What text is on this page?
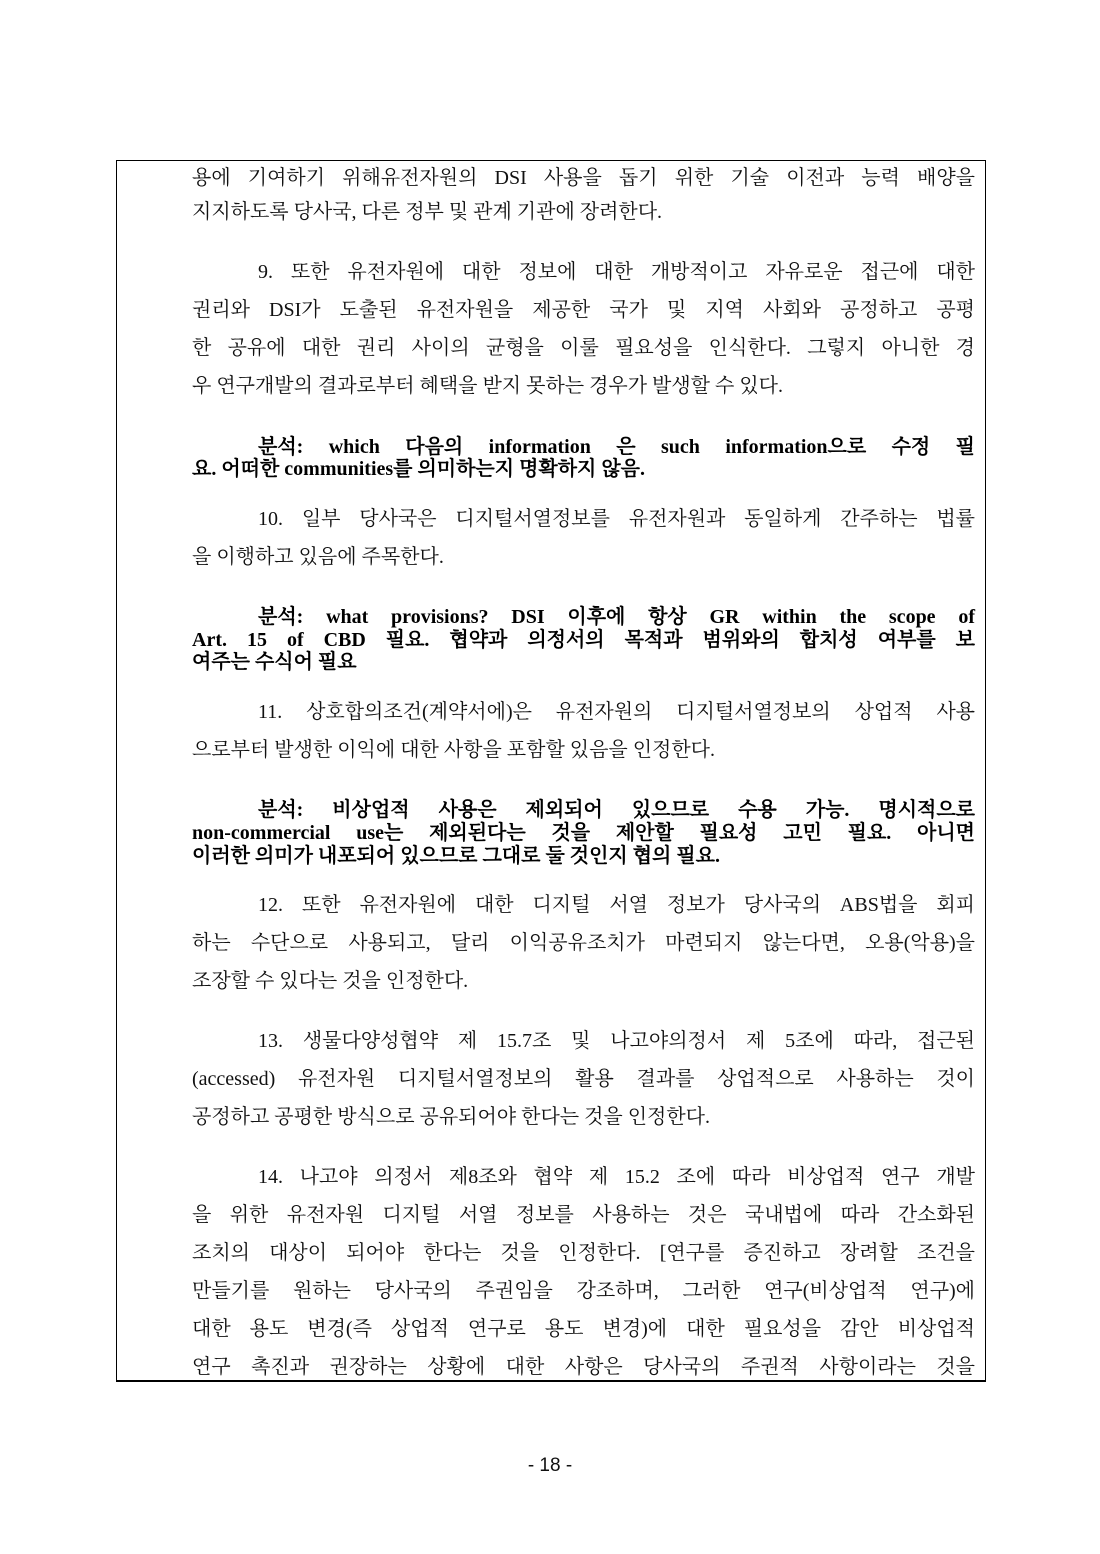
용에 기여하기 위해유전자원의 DSI 사용을 돕기 위한 기술 이전과 능력 배양을
지지하도록 당사국, 다른 정부 및 관계 기관에 장려한다.
9. 또한 유전자원에 대한 정보에 대한 개방적이고 자유로운 접근에 대한
권리와 DSI가 도출된 유전자원을 제공한 국가 및 지역 사회와 공정하고 공평
한 공유에 대한 권리 사이의 균형을 이룰 필요성을 인식한다. 그렇지 아니한 경
우 연구개발의 결과로부터 혜택을 받지 못하는 경우가 발생할 수 있다.
분석: which 다음의 information 은 such information으로 수정 필
요. 어떠한 communities를 의미하는지 명확하지 않음.
10. 일부 당사국은 디지털서열정보를 유전자원과 동일하게 간주하는 법률
을 이행하고 있음에 주목한다.
분석: what provisions? DSI 이후에 항상 GR within the scope of
Art. 15 of CBD 필요. 협약과 의정서의 목적과 범위와의 합치성 여부를 보
여주는 수식어 필요
11. 상호합의조건(계약서에)은 유전자원의 디지털서열정보의 상업적 사용
으로부터 발생한 이익에 대한 사항을 포함할 있음을 인정한다.
분석: 비상업적 사용은 제외되어 있으므로 수용 가능. 명시적으로
non-commercial use는 제외된다는 것을 제안할 필요성 고민 필요. 아니면
이러한 의미가 내포되어 있으므로 그대로 둘 것인지 협의 필요.
12. 또한 유전자원에 대한 디지털 서열 정보가 당사국의 ABS법을 회피
하는 수단으로 사용되고, 달리 이익공유조치가 마련되지 않는다면, 오용(악용)을
조장할 수 있다는 것을 인정한다.
13. 생물다양성협약 제 15.7조 및 나고야의정서 제 5조에 따라, 접근된
(accessed) 유전자원 디지털서열정보의 활용 결과를 상업적으로 사용하는 것이
공정하고 공평한 방식으로 공유되어야 한다는 것을 인정한다.
14. 나고야 의정서 제8조와 협약 제 15.2 조에 따라 비상업적 연구 개발
을 위한 유전자원 디지털 서열 정보를 사용하는 것은 국내법에 따라 간소화된
조치의 대상이 되어야 한다는 것을 인정한다. [연구를 증진하고 장려할 조건을
만들기를 원하는 당사국의 주권임을 강조하며, 그러한 연구(비상업적 연구)에
대한 용도 변경(즉 상업적 연구로 용도 변경)에 대한 필요성을 감안 비상업적
연구 촉진과 권장하는 상황에 대한 사항은 당사국의 주권적 사항이라는 것을
- 18 -
